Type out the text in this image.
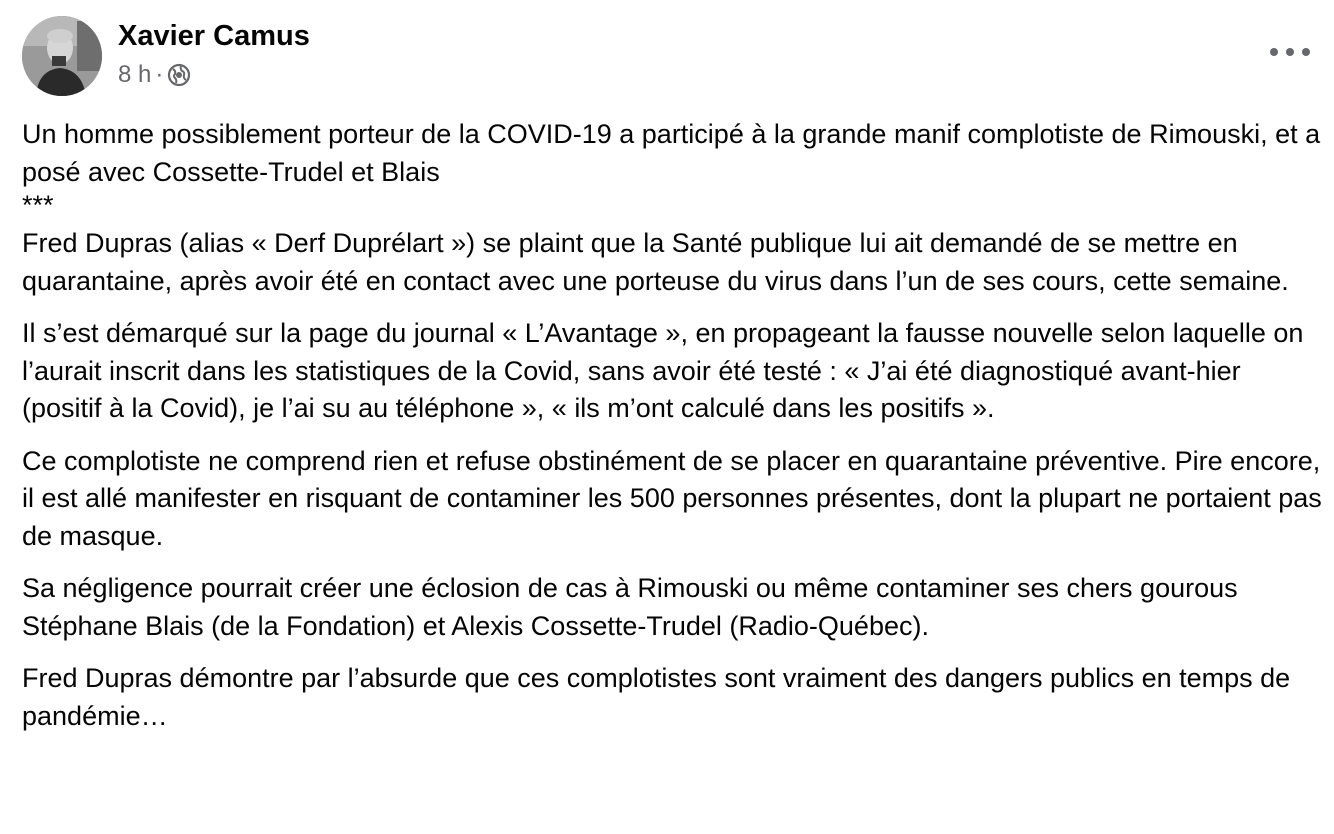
Xavier Camus
8 h ·

Un homme possiblement porteur de la COVID-19 a participé à la grande manif complotiste de Rimouski, et a posé avec Cossette-Trudel et Blais

***

Fred Dupras (alias « Derf Duprélart ») se plaint que la Santé publique lui ait demandé de se mettre en quarantaine, après avoir été en contact avec une porteuse du virus dans l’un de ses cours, cette semaine.

Il s’est démarqué sur la page du journal « L’Avantage », en propageant la fausse nouvelle selon laquelle on l’aurait inscrit dans les statistiques de la Covid, sans avoir été testé : « J’ai été diagnostiqué avant-hier (positif à la Covid), je l’ai su au téléphone », « ils m’ont calculé dans les positifs ».

Ce complotiste ne comprend rien et refuse obstinément de se placer en quarantaine préventive. Pire encore, il est allé manifester en risquant de contaminer les 500 personnes présentes, dont la plupart ne portaient pas de masque.

Sa négligence pourrait créer une éclosion de cas à Rimouski ou même contaminer ses chers gourous Stéphane Blais (de la Fondation) et Alexis Cossette-Trudel (Radio-Québec).

Fred Dupras démontre par l’absurde que ces complotistes sont vraiment des dangers publics en temps de pandémie…
